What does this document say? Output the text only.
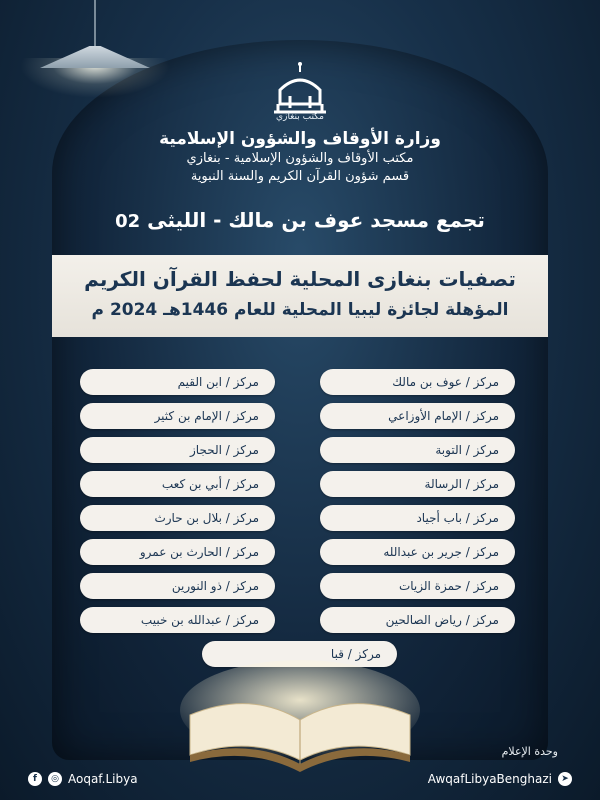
مكتب بنغازي
وزارة الأوقاف والشؤون الإسلامية
مكتب الأوقاف والشؤون الإسلامية - بنغازي
قسم شؤون القرآن الكريم والسنة النبوية
تجمع مسجد عوف بن مالك - الليثى 02
تصفيات بنغازى المحلية لحفظ القرآن الكريم
المؤهلة لجائزة ليبيا المحلية للعام 1446هـ 2024 م
مركز / عوف بن مالك
مركز / الإمام الأوزاعي
مركز / التوبة
مركز / الرسالة
مركز / باب أجياد
مركز / جرير بن عبدالله
مركز / حمزة الزيات
مركز / رياض الصالحين
مركز / ابن القيم
مركز / الإمام بن كثير
مركز / الحجاز
مركز / أبي بن كعب
مركز / بلال بن حارث
مركز / الحارث بن عمرو
مركز / ذو النورين
مركز / عبدالله بن خبيب
مركز / قبا
وحدة الإعلام
f	◎ Aoqaf.Libya	AwqafLibyaBenghazi	➤
